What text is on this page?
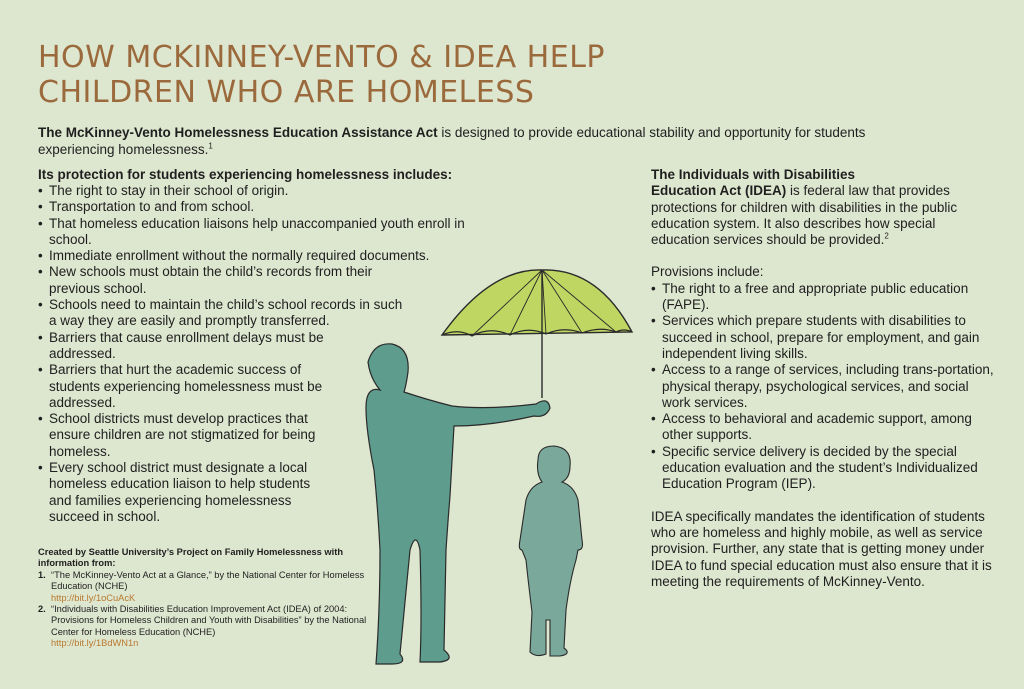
HOW MCKINNEY-VENTO & IDEA HELP
CHILDREN WHO ARE HOMELESS

The McKinney-Vento Homelessness Education Assistance Act is designed to provide educational stability and opportunity for students experiencing homelessness.$^1$

Its protection for students experiencing homelessness includes:

• The right to stay in their school of origin.
• Transportation to and from school.
• That homeless education liaisons help unaccompanied youth enroll in school.
• Immediate enrollment without the normally required documents.
• New schools must obtain the child’s records from their previous school.
• Schools need to maintain the child’s school records in such a way they are easily and promptly transferred.
• Barriers that cause enrollment delays must be addressed.
• Barriers that hurt the academic success of students experiencing homelessness must be addressed.
• School districts must develop practices that ensure children are not stigmatized for being homeless.
• Every school district must designate a local homeless education liaison to help students and families experiencing homelessness succeed in school.

Created by Seattle University’s Project on Family Homelessness with information from:

1. “The McKinney-Vento Act at a Glance,” by the National Center for Homeless Education (NCHE)
http://bit.ly/1oCuAcK
2. “Individuals with Disabilities Education Improvement Act (IDEA) of 2004: Provisions for Homeless Children and Youth with Disabilities” by the National Center for Homeless Education (NCHE)
http://bit.ly/1BdWN1n

The Individuals with Disabilities
Education Act (IDEA) is federal law that provides protections for children with disabilities in the public education system. It also describes how special education services should be provided.$^2$

Provisions include:

• The right to a free and appropriate public education (FAPE).
• Services which prepare students with disabilities to succeed in school, prepare for employment, and gain independent living skills.
• Access to a range of services, including trans-portation, physical therapy, psychological services, and social work services.
• Access to behavioral and academic support, among other supports.
• Specific service delivery is decided by the special education evaluation and the student’s Individualized Education Program (IEP).

IDEA specifically mandates the identification of students who are homeless and highly mobile, as well as service provision. Further, any state that is getting money under IDEA to fund special education must also ensure that it is meeting the requirements of McKinney-Vento.
